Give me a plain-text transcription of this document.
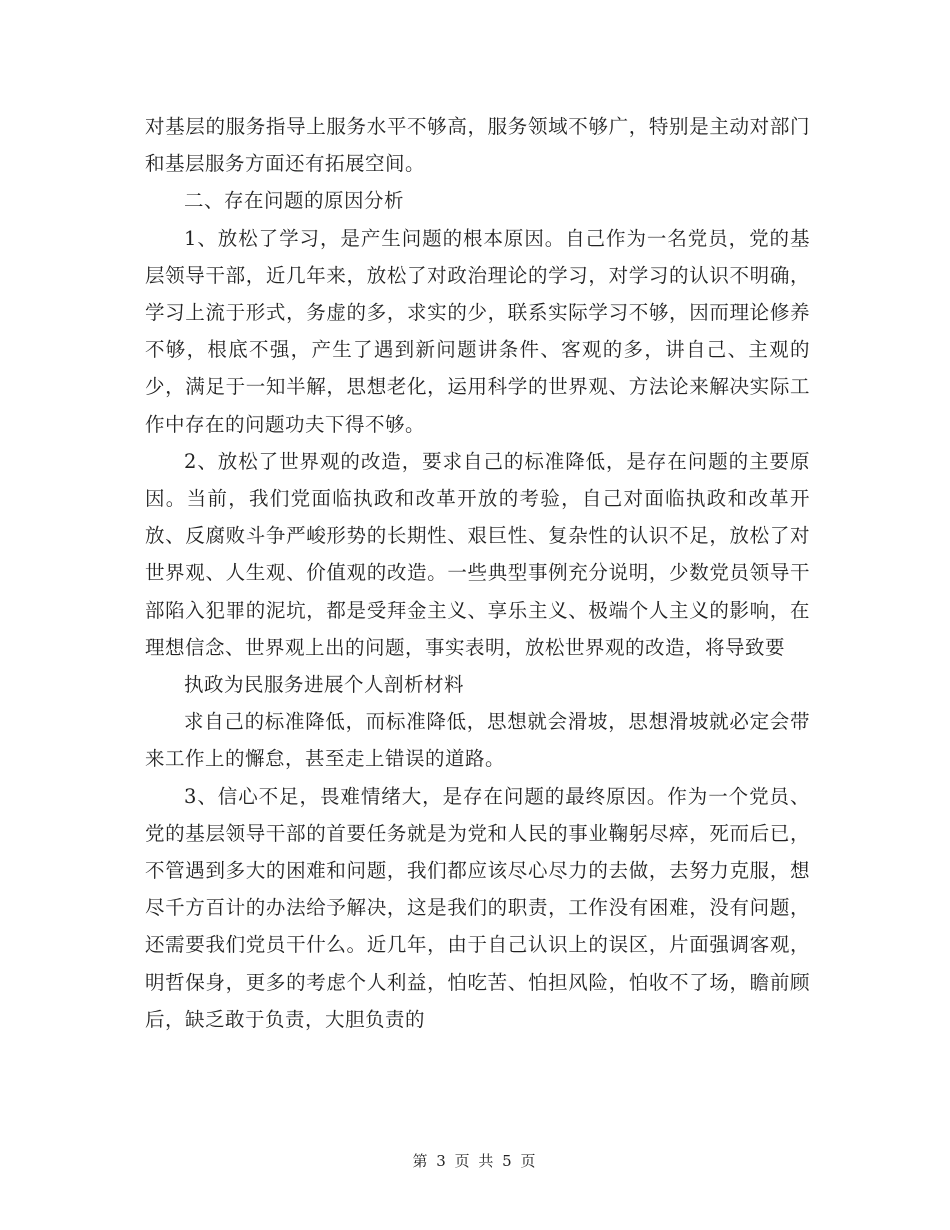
对基层的服务指导上服务水平不够高，服务领域不够广，特别是主动对部门和基层服务方面还有拓展空间。

二、存在问题的原因分析

1、放松了学习，是产生问题的根本原因。自己作为一名党员，党的基层领导干部，近几年来，放松了对政治理论的学习，对学习的认识不明确，学习上流于形式，务虚的多，求实的少，联系实际学习不够，因而理论修养不够，根底不强，产生了遇到新问题讲条件、客观的多，讲自己、主观的少，满足于一知半解，思想老化，运用科学的世界观、方法论来解决实际工作中存在的问题功夫下得不够。

2、放松了世界观的改造，要求自己的标准降低，是存在问题的主要原因。当前，我们党面临执政和改革开放的考验，自己对面临执政和改革开放、反腐败斗争严峻形势的长期性、艰巨性、复杂性的认识不足，放松了对世界观、人生观、价值观的改造。一些典型事例充分说明，少数党员领导干部陷入犯罪的泥坑，都是受拜金主义、享乐主义、极端个人主义的影响，在理想信念、世界观上出的问题，事实表明，放松世界观的改造，将导致要

执政为民服务进展个人剖析材料

求自己的标准降低，而标准降低，思想就会滑坡，思想滑坡就必定会带来工作上的懈怠，甚至走上错误的道路。

3、信心不足，畏难情绪大，是存在问题的最终原因。作为一个党员、党的基层领导干部的首要任务就是为党和人民的事业鞠躬尽瘁，死而后已，不管遇到多大的困难和问题，我们都应该尽心尽力的去做，去努力克服，想尽千方百计的办法给予解决，这是我们的职责，工作没有困难，没有问题，还需要我们党员干什么。近几年，由于自己认识上的误区，片面强调客观，明哲保身，更多的考虑个人利益，怕吃苦、怕担风险，怕收不了场，瞻前顾后，缺乏敢于负责，大胆负责的

第 3 页 共 5 页
